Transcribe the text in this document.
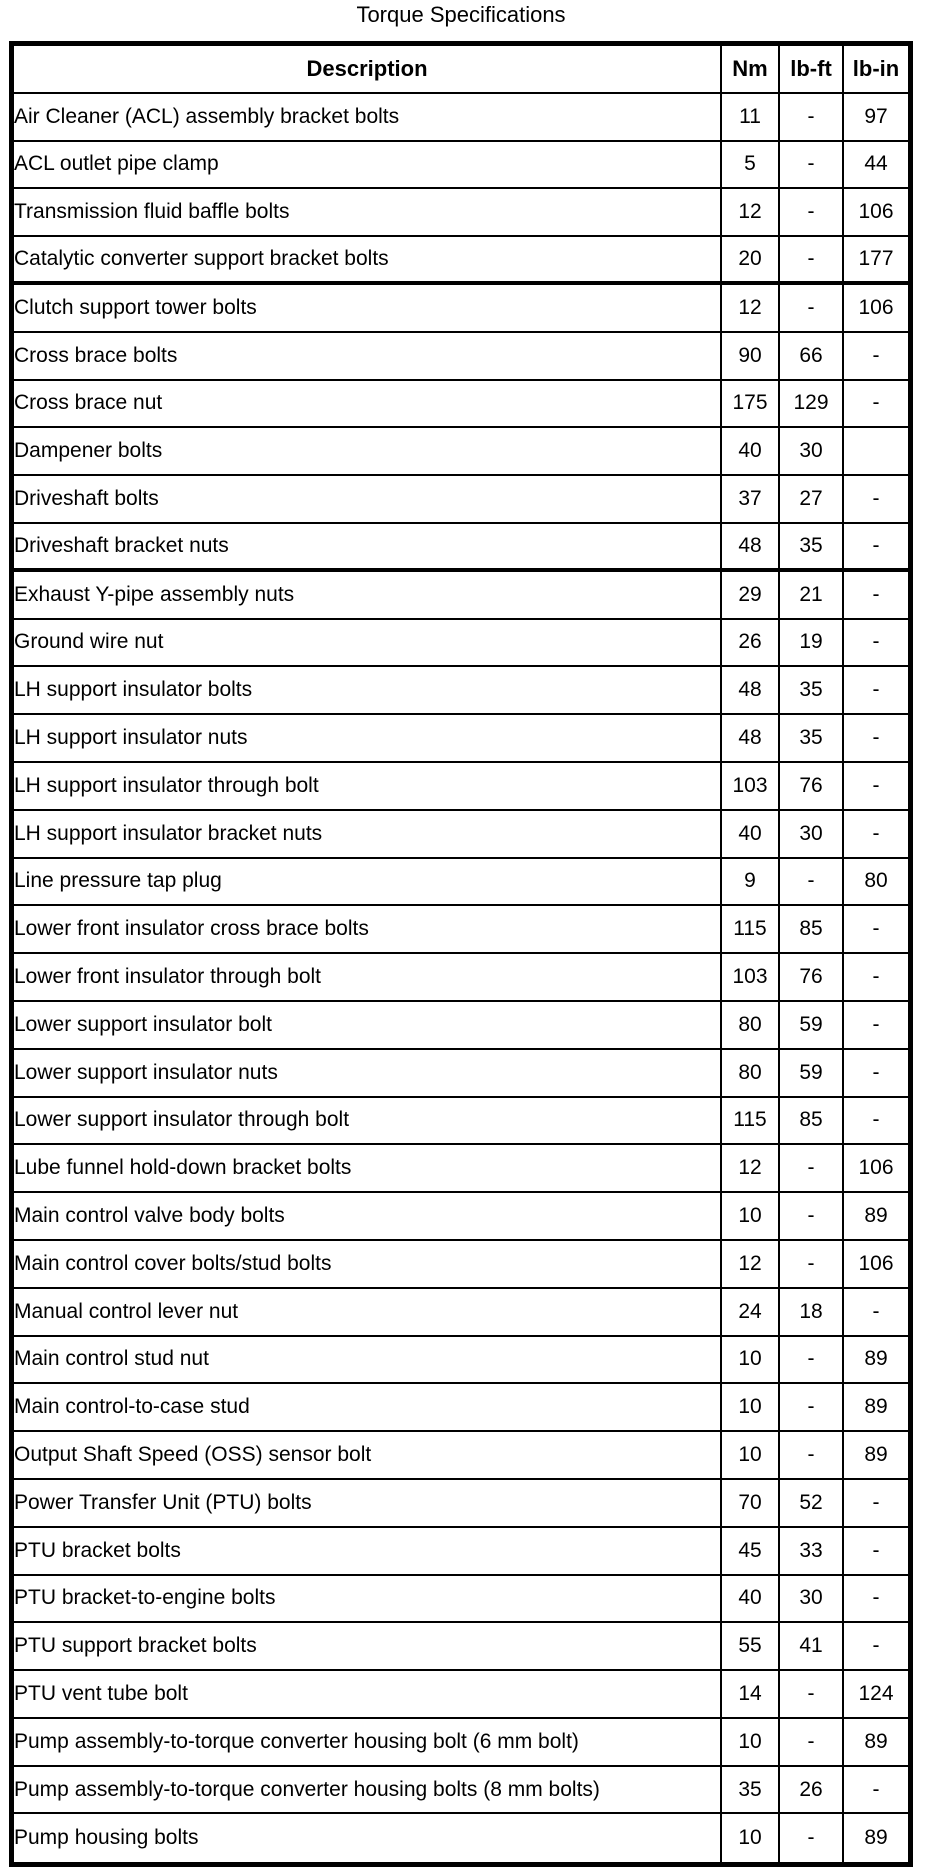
Torque Specifications
Description	Nm	lb-ft	lb-in
Air Cleaner (ACL) assembly bracket bolts	11	-	97
ACL outlet pipe clamp	5	-	44
Transmission fluid baffle bolts	12	-	106
Catalytic converter support bracket bolts	20	-	177
Clutch support tower bolts	12	-	106
Cross brace bolts	90	66	-
Cross brace nut	175	129	-
Dampener bolts	40	30	
Driveshaft bolts	37	27	-
Driveshaft bracket nuts	48	35	-
Exhaust Y-pipe assembly nuts	29	21	-
Ground wire nut	26	19	-
LH support insulator bolts	48	35	-
LH support insulator nuts	48	35	-
LH support insulator through bolt	103	76	-
LH support insulator bracket nuts	40	30	-
Line pressure tap plug	9	-	80
Lower front insulator cross brace bolts	115	85	-
Lower front insulator through bolt	103	76	-
Lower support insulator bolt	80	59	-
Lower support insulator nuts	80	59	-
Lower support insulator through bolt	115	85	-
Lube funnel hold-down bracket bolts	12	-	106
Main control valve body bolts	10	-	89
Main control cover bolts/stud bolts	12	-	106
Manual control lever nut	24	18	-
Main control stud nut	10	-	89
Main control-to-case stud	10	-	89
Output Shaft Speed (OSS) sensor bolt	10	-	89
Power Transfer Unit (PTU) bolts	70	52	-
PTU bracket bolts	45	33	-
PTU bracket-to-engine bolts	40	30	-
PTU support bracket bolts	55	41	-
PTU vent tube bolt	14	-	124
Pump assembly-to-torque converter housing bolt (6 mm bolt)	10	-	89
Pump assembly-to-torque converter housing bolts (8 mm bolts)	35	26	-
Pump housing bolts	10	-	89
